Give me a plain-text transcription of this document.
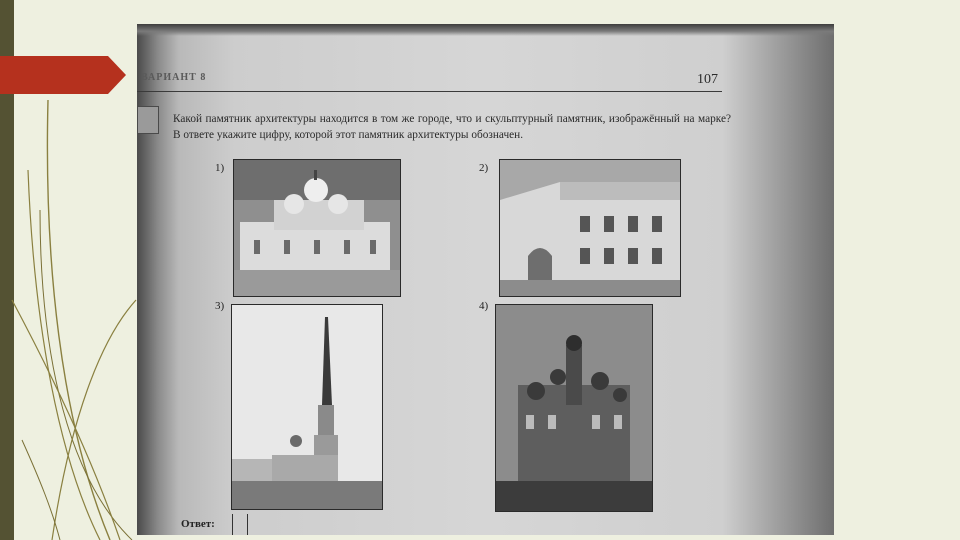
ВАРИАНТ 8	107
Какой памятник архитектуры находится в том же городе, что и скульптурный памятник, изображённый на марке? В ответе укажите цифру, которой этот памятник архитектуры обозначен.
1)	2)
3)	4)
Ответ:
